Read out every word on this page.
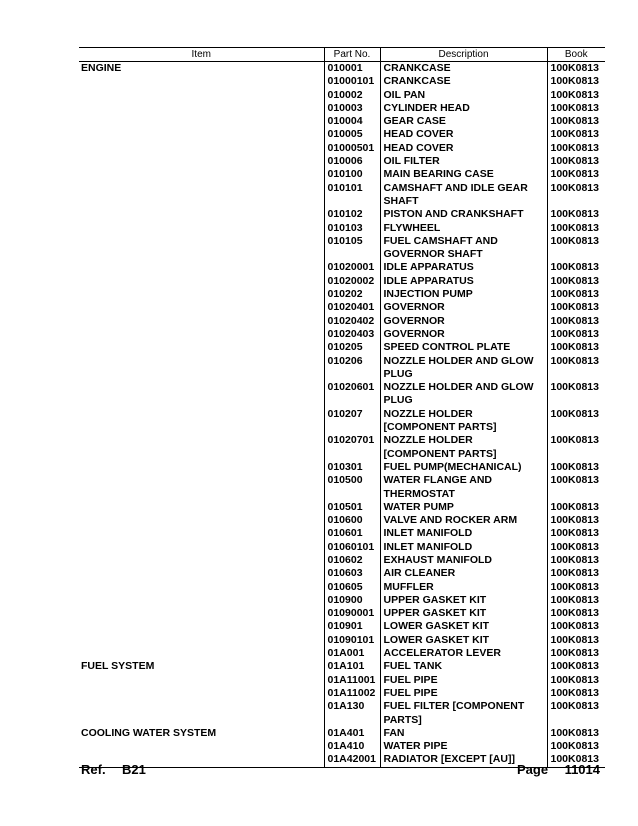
Item	Part No.	Description	Book
ENGINE	010001	CRANKCASE	100K0813
	01000101	CRANKCASE	100K0813
	010002	OIL PAN	100K0813
	010003	CYLINDER HEAD	100K0813
	010004	GEAR CASE	100K0813
	010005	HEAD COVER	100K0813
	01000501	HEAD COVER	100K0813
	010006	OIL FILTER	100K0813
	010100	MAIN BEARING CASE	100K0813
	010101	CAMSHAFT AND IDLE GEAR SHAFT	100K0813
	010102	PISTON AND CRANKSHAFT	100K0813
	010103	FLYWHEEL	100K0813
	010105	FUEL CAMSHAFT AND GOVERNOR SHAFT	100K0813
	01020001	IDLE APPARATUS	100K0813
	01020002	IDLE APPARATUS	100K0813
	010202	INJECTION PUMP	100K0813
	01020401	GOVERNOR	100K0813
	01020402	GOVERNOR	100K0813
	01020403	GOVERNOR	100K0813
	010205	SPEED CONTROL PLATE	100K0813
	010206	NOZZLE HOLDER AND GLOW PLUG	100K0813
	01020601	NOZZLE HOLDER AND GLOW PLUG	100K0813
	010207	NOZZLE HOLDER [COMPONENT PARTS]	100K0813
	01020701	NOZZLE HOLDER [COMPONENT PARTS]	100K0813
	010301	FUEL PUMP(MECHANICAL)	100K0813
	010500	WATER FLANGE AND THERMOSTAT	100K0813
	010501	WATER PUMP	100K0813
	010600	VALVE AND ROCKER ARM	100K0813
	010601	INLET MANIFOLD	100K0813
	01060101	INLET MANIFOLD	100K0813
	010602	EXHAUST MANIFOLD	100K0813
	010603	AIR CLEANER	100K0813
	010605	MUFFLER	100K0813
	010900	UPPER GASKET KIT	100K0813
	01090001	UPPER GASKET KIT	100K0813
	010901	LOWER GASKET KIT	100K0813
	01090101	LOWER GASKET KIT	100K0813
	01A001	ACCELERATOR LEVER	100K0813
FUEL SYSTEM	01A101	FUEL TANK	100K0813
	01A11001	FUEL PIPE	100K0813
	01A11002	FUEL PIPE	100K0813
	01A130	FUEL FILTER [COMPONENT PARTS]	100K0813
COOLING WATER SYSTEM	01A401	FAN	100K0813
	01A410	WATER PIPE	100K0813
	01A42001	RADIATOR [EXCEPT [AU]]	100K0813
Ref. B21	Page 11014
